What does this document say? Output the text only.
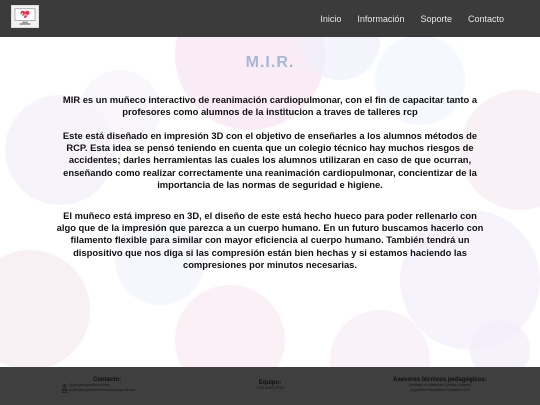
Inicio Información Soporte Contacto
M.I.R.

MIR es un muñeco interactivo de reanimación cardiopulmonar, con el fin de capacitar tanto a profesores como alumnos de la institucion a traves de talleres rcp

Este está diseñado en impresión 3D con el objetivo de enseñarles a los alumnos métodos de RCP. Esta idea se pensó teniendo en cuenta que un colegio técnico hay muchos riesgos de accidentes; darles herramientas las cuales los alumnos utilizaran en caso de que ocurran, enseñando como realizar correctamente una reanimación cardiopulmonar, concientizar de la importancia de las normas de seguridad e higiene.

El muñeco está impreso en 3D, el diseño de este está hecho hueco para poder rellenarlo con algo que de la impresión que parezca a un cuerpo humano. En un futuro buscamos hacerlo con filamento flexible para similar con mayor eficiencia al cuerpo humano. También tendrá un dispositivo que nos diga si las compresión están bien hechas y si estamos haciendo las compresiones por minutos necesarias.

Contacto:
@proyectoprotecciontec
proteccionproyectosescolar@gmail.com
Equipo:
LOS MASTERS
Asesores técnicos pedagógicos:
Analista en sistemas Cristian Arsenio
Ingeniero Informático Graciela Cisil
